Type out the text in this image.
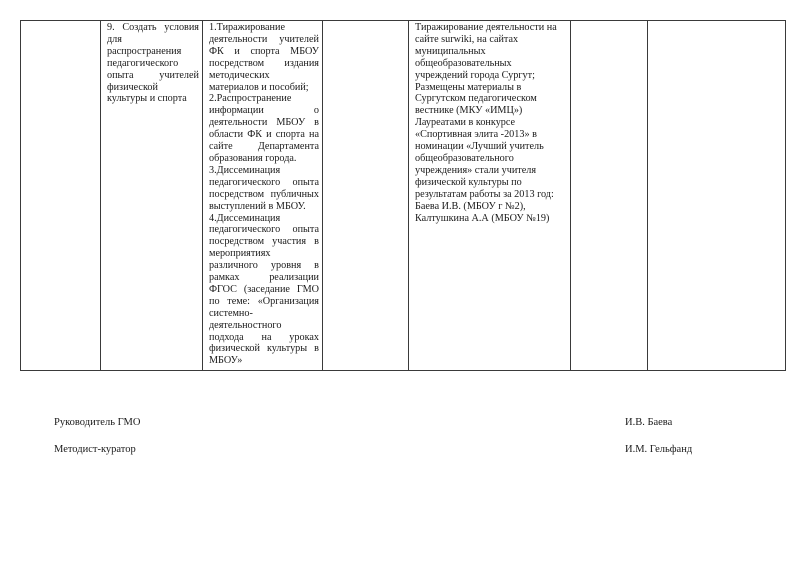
9. Создать условия
для
распространения
педагогического
опыта учителей
физической
культуры и спорта

1.Тиражирование
деятельности учителей
ФК и спорта МБОУ
посредством издания
методических
материалов и пособий;
2.Распространение
информации о
деятельности МБОУ в
области ФК и спорта на
сайте Департамента
образования города.
3.Диссеминация
педагогического опыта
посредством публичных
выступлений в МБОУ.
4.Диссеминация
педагогического опыта
посредством участия в
мероприятиях
различного уровня в
рамках реализации
ФГОС (заседание ГМО
по теме: «Организация
системно-
деятельностного
подхода на уроках
физической культуры в
МБОУ»

Тиражирование деятельности на
сайте surwiki, на сайтах
муниципальных
общеобразовательных
учреждений города Сургут;
Размещены материалы в
Сургутском педагогическом
вестнике (МКУ «ИМЦ»)
Лауреатами в конкурсе
«Спортивная элита -2013» в
номинации «Лучший учитель
общеобразовательного
учреждения» стали учителя
физической культуры по
результатам работы за 2013 год:
Баева И.В. (МБОУ г №2),
Калтушкина А.А (МБОУ №19)

Руководитель ГМО	И.В. Баева
Методист-куратор	И.М. Гельфанд
